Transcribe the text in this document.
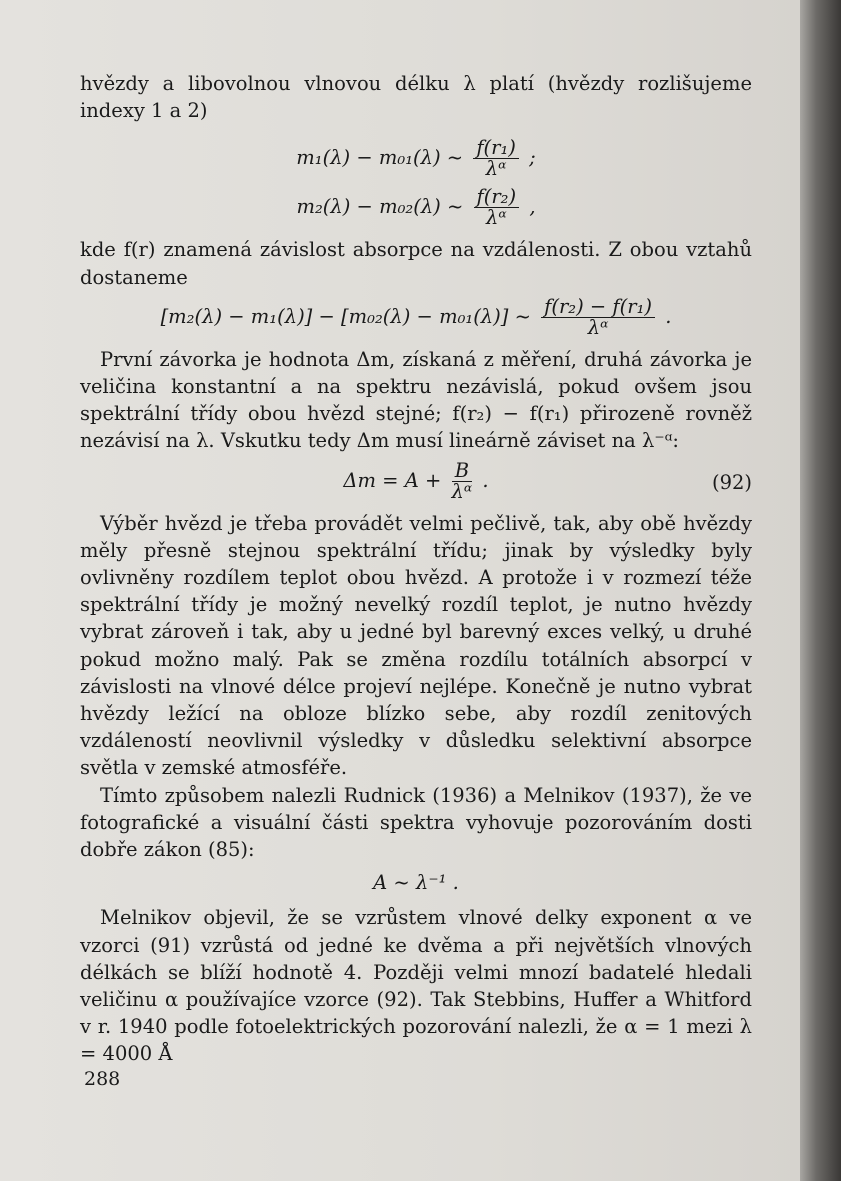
hvězdy a libovolnou vlnovou délku λ platí (hvězdy rozlišujeme indexy 1 a 2)

m₁(λ) − m₀₁(λ) ~ $\frac{\text{f(r₁)}}{\text{λᵅ}}$ ;
m₂(λ) − m₀₂(λ) ~ $\frac{\text{f(r₂)}}{\text{λᵅ}}$ ,

kde f(r) znamená závislost absorpce na vzdálenosti. Z obou vztahů dostaneme

[m₂(λ) − m₁(λ)] − [m₀₂(λ) − m₀₁(λ)] ~ $\frac{\text{f(r₂) − f(r₁)}}{\text{λᵅ}}$ .

První závorka je hodnota Δm, získaná z měření, druhá závorka je veličina konstantní a na spektru nezávislá, pokud ovšem jsou spektrální třídy obou hvězd stejné; f(r₂) − f(r₁) přirozeně rovněž nezávisí na λ. Vskutku tedy Δm musí lineárně záviset na λ⁻ᵅ:

$\Delta m = A + \frac{B}{\text{λᵅ}}$ .	(92)

Výběr hvězd je třeba provádět velmi pečlivě, tak, aby obě hvězdy měly přesně stejnou spektrální třídu; jinak by výsledky byly ovlivněny rozdílem teplot obou hvězd. A protože i v rozmezí téže spektrální třídy je možný nevelký rozdíl teplot, je nutno hvězdy vybrat zároveň i tak, aby u jedné byl barevný exces velký, u druhé pokud možno malý. Pak se změna rozdílu totálních absorpcí v závislosti na vlnové délce projeví nejlépe. Konečně je nutno vybrat hvězdy ležící na obloze blízko sebe, aby rozdíl zenitových vzdáleností neovlivnil výsledky v důsledku selektivní absorpce světla v zemské atmosféře.

Tímto způsobem nalezli Rudnick (1936) a Melnikov (1937), že ve fotografické a visuální části spektra vyhovuje pozorováním dosti dobře zákon (85):

A ~ λ⁻¹ .

Melnikov objevil, že se vzrůstem vlnové delky exponent α ve vzorci (91) vzrůstá od jedné ke dvěma a při největších vlnových délkách se blíží hodnotě 4. Později velmi mnozí badatelé hledali veličinu α používajíce vzorce (92). Tak Stebbins, Huffer a Whitford v r. 1940 podle fotoelektrických pozorování nalezli, že α = 1 mezi λ = 4000 Å

288
